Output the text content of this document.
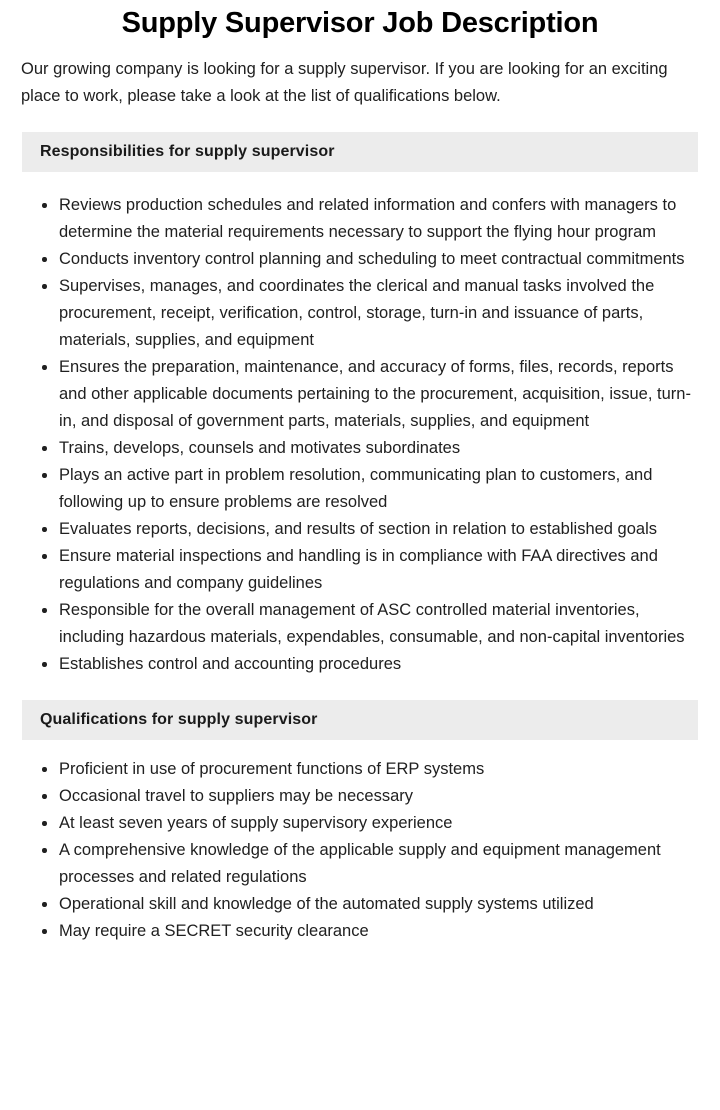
Supply Supervisor Job Description

Our growing company is looking for a supply supervisor. If you are looking for an exciting place to work, please take a look at the list of qualifications below.

Responsibilities for supply supervisor
Reviews production schedules and related information and confers with managers to determine the material requirements necessary to support the flying hour program
Conducts inventory control planning and scheduling to meet contractual commitments
Supervises, manages, and coordinates the clerical and manual tasks involved the procurement, receipt, verification, control, storage, turn-in and issuance of parts, materials, supplies, and equipment
Ensures the preparation, maintenance, and accuracy of forms, files, records, reports and other applicable documents pertaining to the procurement, acquisition, issue, turn-in, and disposal of government parts, materials, supplies, and equipment
Trains, develops, counsels and motivates subordinates
Plays an active part in problem resolution, communicating plan to customers, and following up to ensure problems are resolved
Evaluates reports, decisions, and results of section in relation to established goals
Ensure material inspections and handling is in compliance with FAA directives and regulations and company guidelines
Responsible for the overall management of ASC controlled material inventories, including hazardous materials, expendables, consumable, and non-capital inventories
Establishes control and accounting procedures
Qualifications for supply supervisor
Proficient in use of procurement functions of ERP systems
Occasional travel to suppliers may be necessary
At least seven years of supply supervisory experience
A comprehensive knowledge of the applicable supply and equipment management processes and related regulations
Operational skill and knowledge of the automated supply systems utilized
May require a SECRET security clearance
